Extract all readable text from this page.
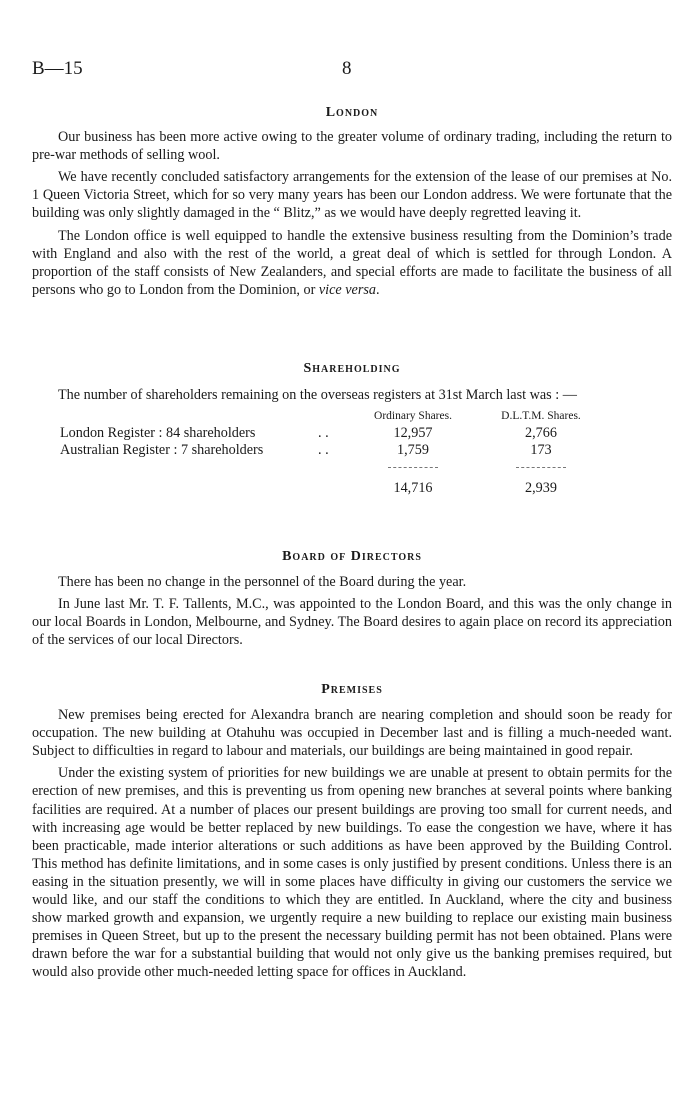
B—15	8
London

Our business has been more active owing to the greater volume of ordinary trading, including the return to pre-war methods of selling wool.

We have recently concluded satisfactory arrangements for the extension of the lease of our premises at No. 1 Queen Victoria Street, which for so very many years has been our London address. We were fortunate that the building was only slightly damaged in the “ Blitz,” as we would have deeply regretted leaving it.

The London office is well equipped to handle the extensive business resulting from the Dominion’s trade with England and also with the rest of the world, a great deal of which is settled for through London. A proportion of the staff consists of New Zealanders, and special efforts are made to facilitate the business of all persons who go to London from the Dominion, or vice versa.

Shareholding

The number of shareholders remaining on the overseas registers at 31st March last was : —

		Ordinary Shares.	D.L.T.M. Shares.
London Register : 84 shareholders	. .	12,957	2,766
Australian Register : 7 shareholders	. .	1,759	173

		14,716	2,939
Board of Directors

There has been no change in the personnel of the Board during the year.

In June last Mr. T. F. Tallents, M.C., was appointed to the London Board, and this was the only change in our local Boards in London, Melbourne, and Sydney. The Board desires to again place on record its appreciation of the services of our local Directors.

Premises

New premises being erected for Alexandra branch are nearing completion and should soon be ready for occupation. The new building at Otahuhu was occupied in December last and is filling a much-needed want. Subject to difficulties in regard to labour and materials, our buildings are being maintained in good repair.

Under the existing system of priorities for new buildings we are unable at present to obtain permits for the erection of new premises, and this is preventing us from opening new branches at several points where banking facilities are required. At a number of places our present buildings are proving too small for current needs, and with increasing age would be better replaced by new buildings. To ease the congestion we have, where it has been practicable, made interior alterations or such additions as have been approved by the Building Control. This method has definite limitations, and in some cases is only justified by present conditions. Unless there is an easing in the situation presently, we will in some places have difficulty in giving our customers the service we would like, and our staff the conditions to which they are entitled. In Auckland, where the city and business show marked growth and expansion, we urgently require a new building to replace our existing main business premises in Queen Street, but up to the present the necessary building permit has not been obtained. Plans were drawn before the war for a substantial building that would not only give us the banking premises required, but would also provide other much-needed letting space for offices in Auckland.
